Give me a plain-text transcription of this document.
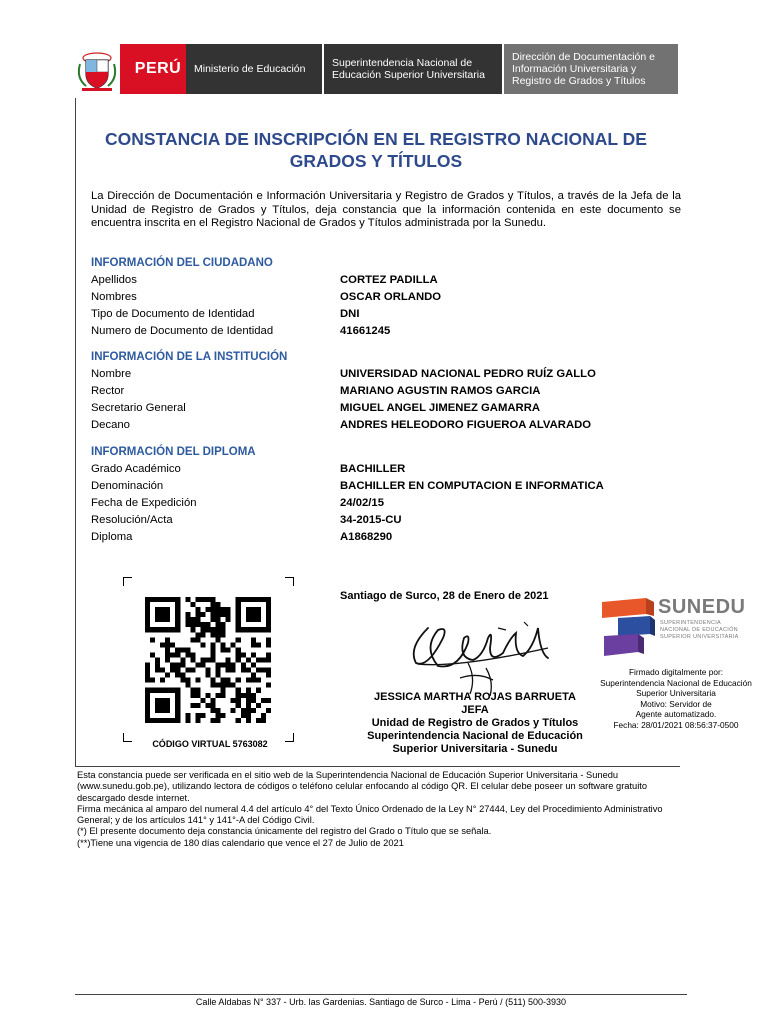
PERÚ	Ministerio de Educación	Superintendencia Nacional de Educación Superior Universitaria
Dirección de Documentación e Información Universitaria y Registro de Grados y Títulos
CONSTANCIA DE INSCRIPCIÓN EN EL REGISTRO NACIONAL DE GRADOS Y TÍTULOS
La Dirección de Documentación e Información Universitaria y Registro de Grados y Títulos, a través de la Jefa de la Unidad de Registro de Grados y Títulos, deja constancia que la información contenida en este documento se encuentra inscrita en el Registro Nacional de Grados y Títulos administrada por la Sunedu.
INFORMACIÓN DEL CIUDADANO
Apellidos	CORTEZ PADILLA
Nombres	OSCAR ORLANDO
Tipo de Documento de Identidad	DNI
Numero de Documento de Identidad	41661245
INFORMACIÓN DE LA INSTITUCIÓN
Nombre	UNIVERSIDAD NACIONAL PEDRO RUÍZ GALLO
Rector	MARIANO AGUSTIN RAMOS GARCIA
Secretario General	MIGUEL ANGEL JIMENEZ GAMARRA
Decano	ANDRES HELEODORO FIGUEROA ALVARADO
INFORMACIÓN DEL DIPLOMA
Grado Académico	BACHILLER
Denominación	BACHILLER EN COMPUTACION E INFORMATICA
Fecha de Expedición	24/02/15
Resolución/Acta	34-2015-CU
Diploma	A1868290
CÓDIGO VIRTUAL 5763082
Santiago de Surco, 28 de Enero de 2021
JESSICA MARTHA ROJAS BARRUETA
JEFA
Unidad de Registro de Grados y Títulos
Superintendencia Nacional de Educación
Superior Universitaria - Sunedu
SUNEDU
SUPERINTENDENCIA
NACIONAL DE EDUCACIÓN
SUPERIOR UNIVERSITARIA
Firmado digitalmente por:
Superintendencia Nacional de Educación
Superior Universitaria
Motivo: Servidor de
Agente automatizado.
Fecha: 28/01/2021 08:56:37-0500

Esta constancia puede ser verificada en el sitio web de la Superintendencia Nacional de Educación Superior Universitaria - Sunedu (www.sunedu.gob.pe), utilizando lectora de códigos o teléfono celular enfocando al código QR. El celular debe poseer un software gratuito descargado desde internet.

Firma mecánica al amparo del numeral 4.4 del artículo 4° del Texto Único Ordenado de la Ley N° 27444, Ley del Procedimiento Administrativo General; y de los artículos 141° y 141°-A del Código Civil.

(*) El presente documento deja constancia únicamente del registro del Grado o Título que se señala.

(**)Tiene una vigencia de 180 días calendario que vence el 27 de Julio de 2021

Calle Aldabas N° 337 - Urb. las Gardenias. Santiago de Surco - Lima - Perú / (511) 500-3930
